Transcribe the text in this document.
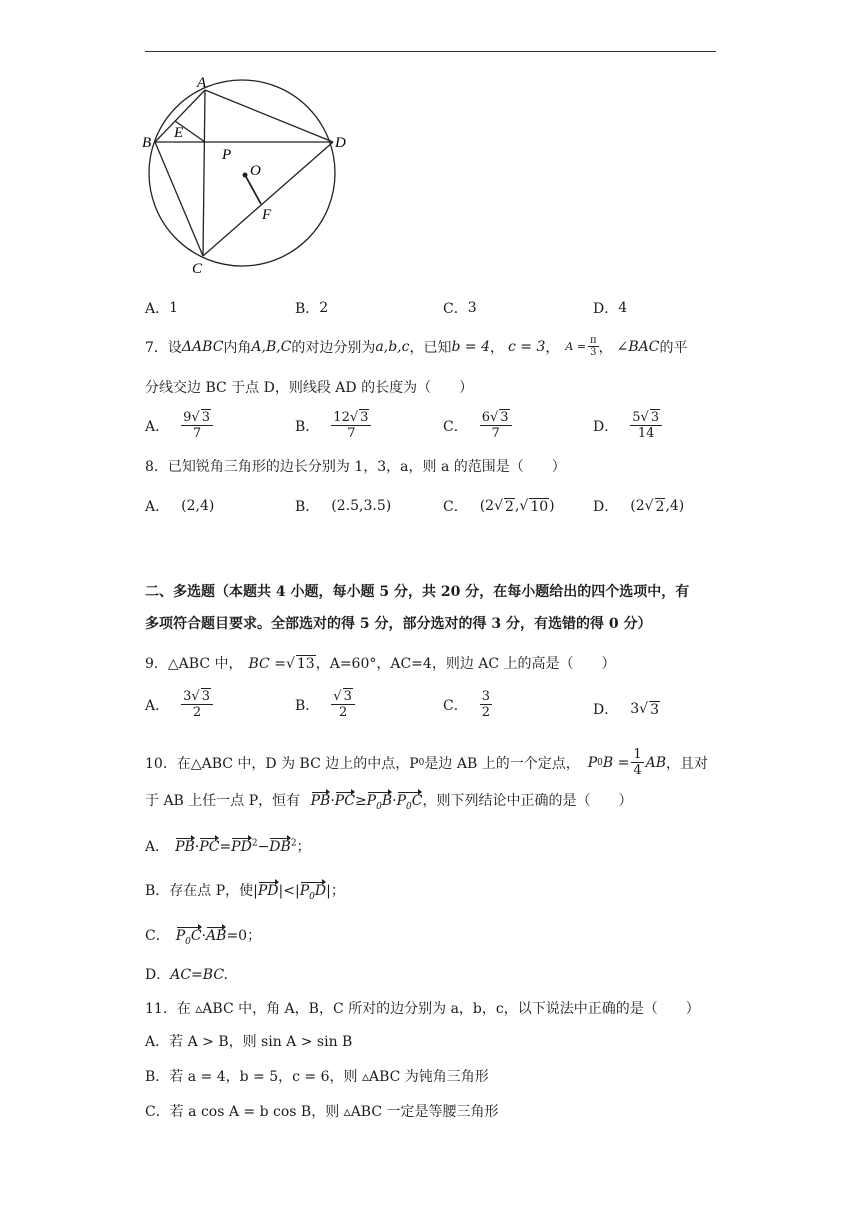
A
B
C
D
E
P
O
F
A． 1	B． 2	C． 3	D． 4
7．设 ΔABC 内角 A,B,C 的对边分别为 a,b,c ，已知 b = 4 ， c = 3 ， $A = \frac{\pi}{3}$ ， ∠BAC 的平
分线交边 BC 于点 D，则线段 AD 的长度为（　　）
A． $\frac{9√ 3}{7}$	B． $\frac{12√ 3}{7}$	C． $\frac{6√ 3}{7}$	D． $\frac{5√ 3}{14}$
8．已知锐角三角形的边长分别为 1，3，a，则 a 的范围是（　　）
A． (2,4)	B． (2.5,3.5)	C． (2 √ 2 , √ 10 )	D． (2 √ 2 ,4)
二、多选题（本题共 4 小题，每小题 5 分，共 20 分，在每小题给出的四个选项中，有
多项符合题目要求。全部选对的得 5 分，部分选对的得 3 分，有选错的得 0 分）
9．△ABC 中， BC =√ 13，A=60°，AC=4，则边 AC 上的高是（　　）
A． $\frac{3√ 3}{2}$	B． $\frac{√ 3}{2}$	C． $\frac{3}{2}$	D． 3 √ 3
10．在△ABC 中，D 为 BC 边上的中点，P 0 是边 AB 上的一个定点， P 0 $B = \frac{1}{4}$ AB ，且对
于 AB 上任一点 P，恒有 $PB\cdot PC\ge P_0B\cdot P_0C$，则下列结论中正确的是（　　）
A． $PB\cdot PC=PD^2-DB^2$；
B．存在点 P，使$|PD|<|P_0D|$；
C． $P_0C\cdot AB=0$；
D．AC=BC.
11．在 ▵ABC 中，角 A，B，C 所对的边分别为 a，b，c，以下说法中正确的是（　　）
A．若 A > B，则 sin A > sin B
B．若 a = 4，b = 5，c = 6，则 ▵ABC 为钝角三角形
C．若 a cos A = b cos B，则 ▵ABC 一定是等腰三角形
